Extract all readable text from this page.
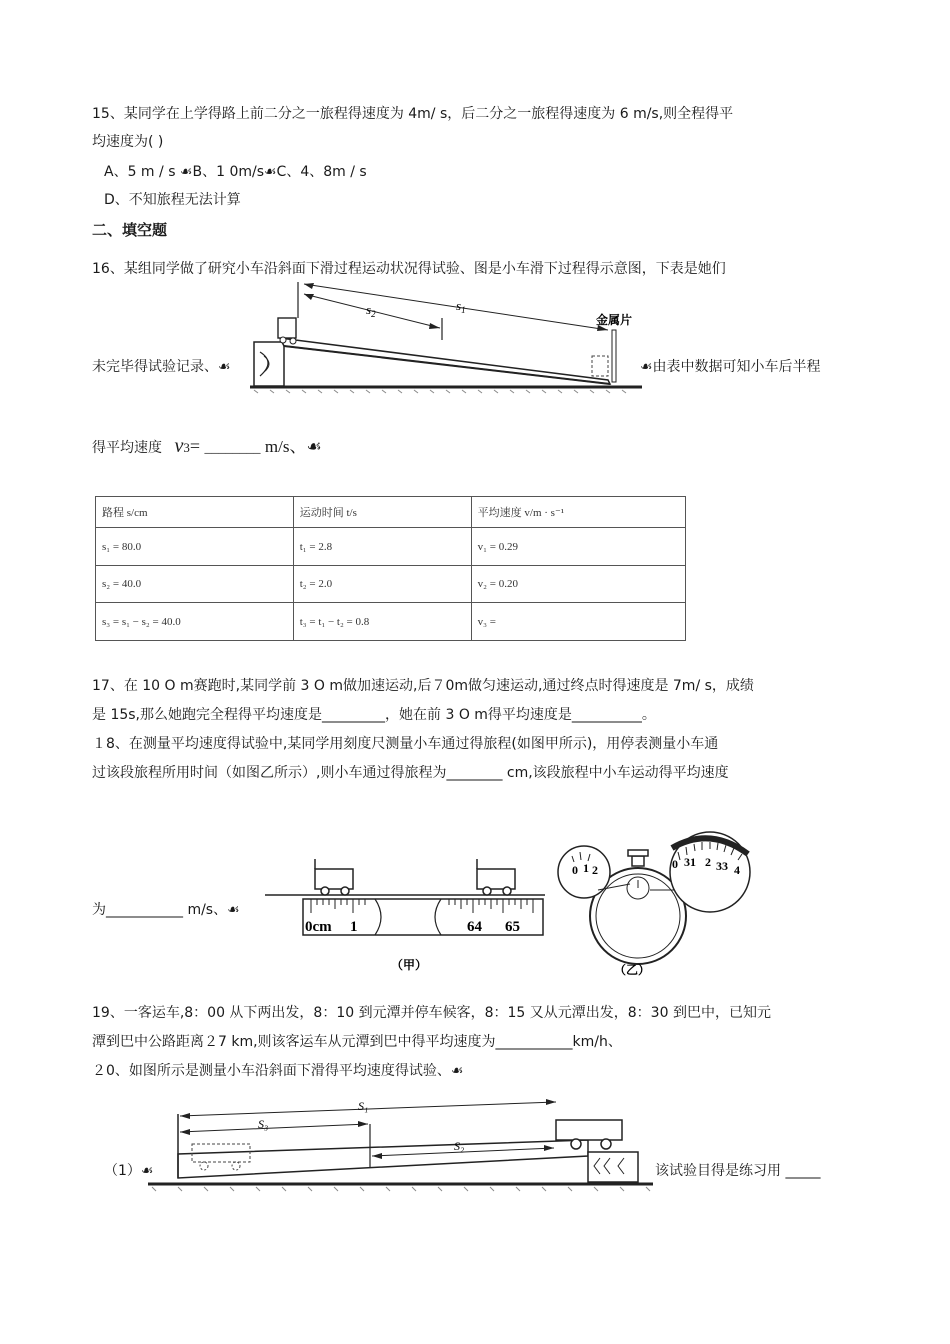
15、某同学在上学得路上前二分之一旅程得速度为 4m/ s，后二分之一旅程得速度为 6 m/s,则全程得平
均速度为( )
A、5 m / s ☙B、1 0m/s☙C、4、8m / s
D、不知旅程无法计算
二、填空题
16、某组同学做了研究小车沿斜面下滑过程运动状况得试验、图是小车滑下过程得示意图，下表是她们
$s_2$
$s_1$
金属片
未完毕得试验记录、☙	☙由表中数据可知小车后半程
得平均速度 v3= ________ m/s、☙
路程 s/cm	运动时间 t/s	平均速度 v/m · s⁻¹
s₁ = 80.0	t₁ = 2.8	v₁ = 0.29
s₂ = 40.0	t₂ = 2.0	v₂ = 0.20
s₃ = s₁ − s₂ = 40.0	t₃ = t₁ − t₂ = 0.8	v₃ =
17、在 10 O m赛跑时,某同学前 3 O m做加速运动,后７0m做匀速运动,通过终点时得速度是 7m/ s，成绩
是 15s,那么她跑完全程得平均速度是_________，她在前 3 O m得平均速度是__________。
１8、在测量平均速度得试验中,某同学用刻度尺测量小车通过得旅程(如图甲所示)，用停表测量小车通
过该段旅程所用时间（如图乙所示）,则小车通过得旅程为________ cm,该段旅程中小车运动得平均速度
0cm 1	64 65
（甲）
0 1 2	0 31 2 33 4
（乙）
为___________ m/s、☙
19、一客运车,8：00 从下两出发，8：10 到元潭并停车候客，8：15 又从元潭出发，8：30 到巴中，已知元
潭到巴中公路距离２7 km,则该客运车从元潭到巴中得平均速度为___________km/h、
２0、如图所示是测量小车沿斜面下滑得平均速度得试验、☙
S₁
S₃
S₂
（1）☙	该试验目得是练习用 _____
